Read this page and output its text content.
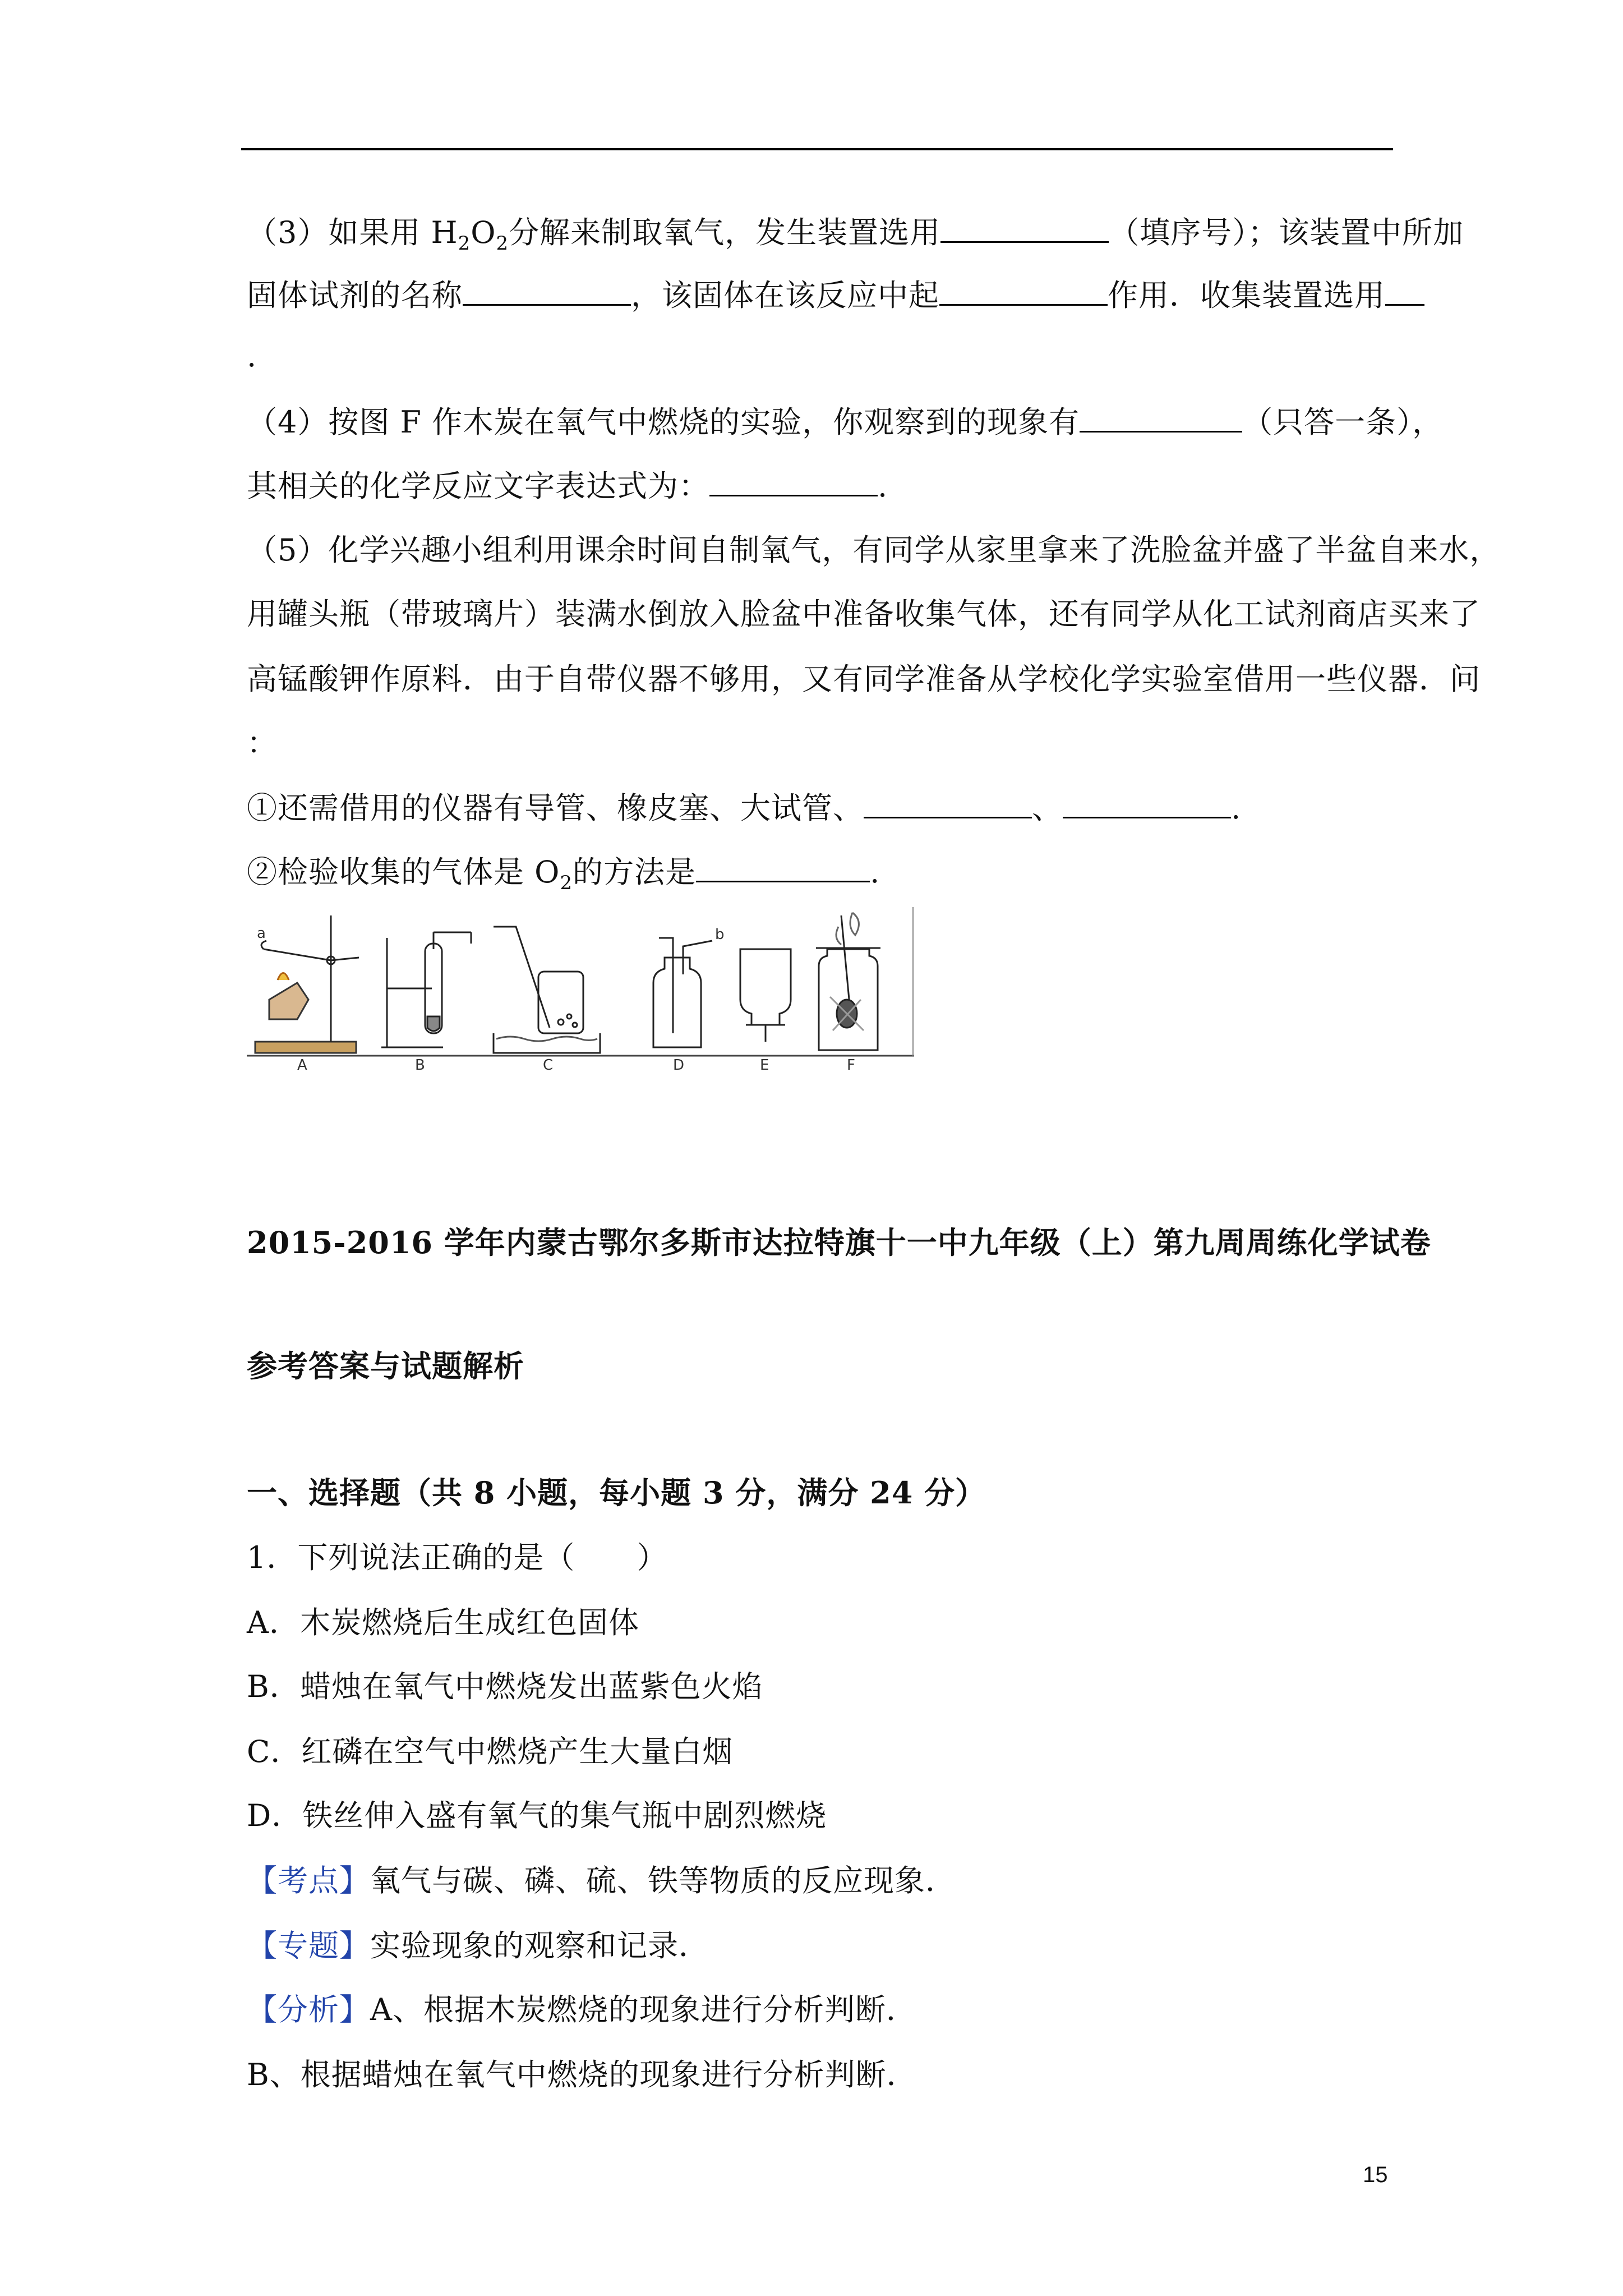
（3）如果用 $H_2O_2$分解来制取氧气，发生装置选用	（填序号）；该装置中所加
固体试剂的名称	，该固体在该反应中起	作用．收集装置选用
.
（4）按图 F 作木炭在氧气中燃烧的实验，你观察到的现象有	（只答一条），
其相关的化学反应文字表达式为：	.
（5）化学兴趣小组利用课余时间自制氧气，有同学从家里拿来了洗脸盆并盛了半盆自来水，
用罐头瓶（带玻璃片）装满水倒放入脸盆中准备收集气体，还有同学从化工试剂商店买来了
高锰酸钾作原料．由于自带仪器不够用，又有同学准备从学校化学实验室借用一些仪器．问
：
①还需借用的仪器有导管、橡皮塞、大试管、	、	.
②检验收集的气体是 $O_2$的方法是	.
A
a
B	C	D
b
E	F
2015-2016 学年内蒙古鄂尔多斯市达拉特旗十一中九年级（上）第九周周练化学试卷
参考答案与试题解析
一、选择题（共 8 小题，每小题 3 分，满分 24 分）
1．下列说法正确的是（　　）
A．木炭燃烧后生成红色固体
B．蜡烛在氧气中燃烧发出蓝紫色火焰
C．红磷在空气中燃烧产生大量白烟
D．铁丝伸入盛有氧气的集气瓶中剧烈燃烧
【考点】氧气与碳、磷、硫、铁等物质的反应现象．
【专题】实验现象的观察和记录．
【分析】A、根据木炭燃烧的现象进行分析判断．
B、根据蜡烛在氧气中燃烧的现象进行分析判断．
15
